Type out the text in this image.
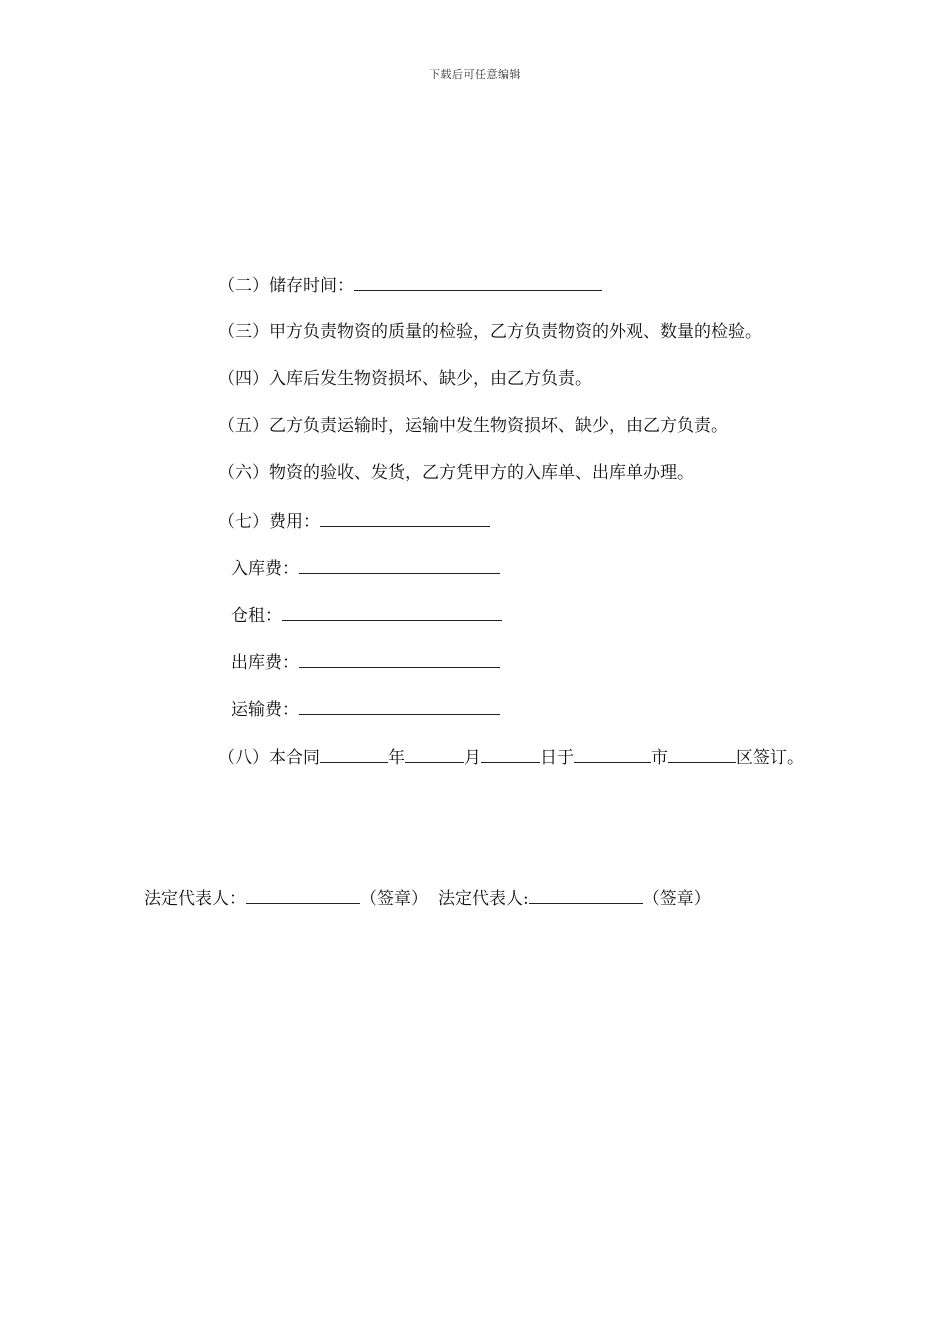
下载后可任意编辑
（二）储存时间：
（三）甲方负责物资的质量的检验，乙方负责物资的外观、数量的检验。
（四）入库后发生物资损坏、缺少，由乙方负责。
（五）乙方负责运输时，运输中发生物资损坏、缺少，由乙方负责。
（六）物资的验收、发货，乙方凭甲方的入库单、出库单办理。
（七）费用：
入库费：
仓租：
出库费：
运输费：
（八）本合同	年	月	日于	市	区签订。
法定代表人：	（签章） 法定代表人:	（签章）
